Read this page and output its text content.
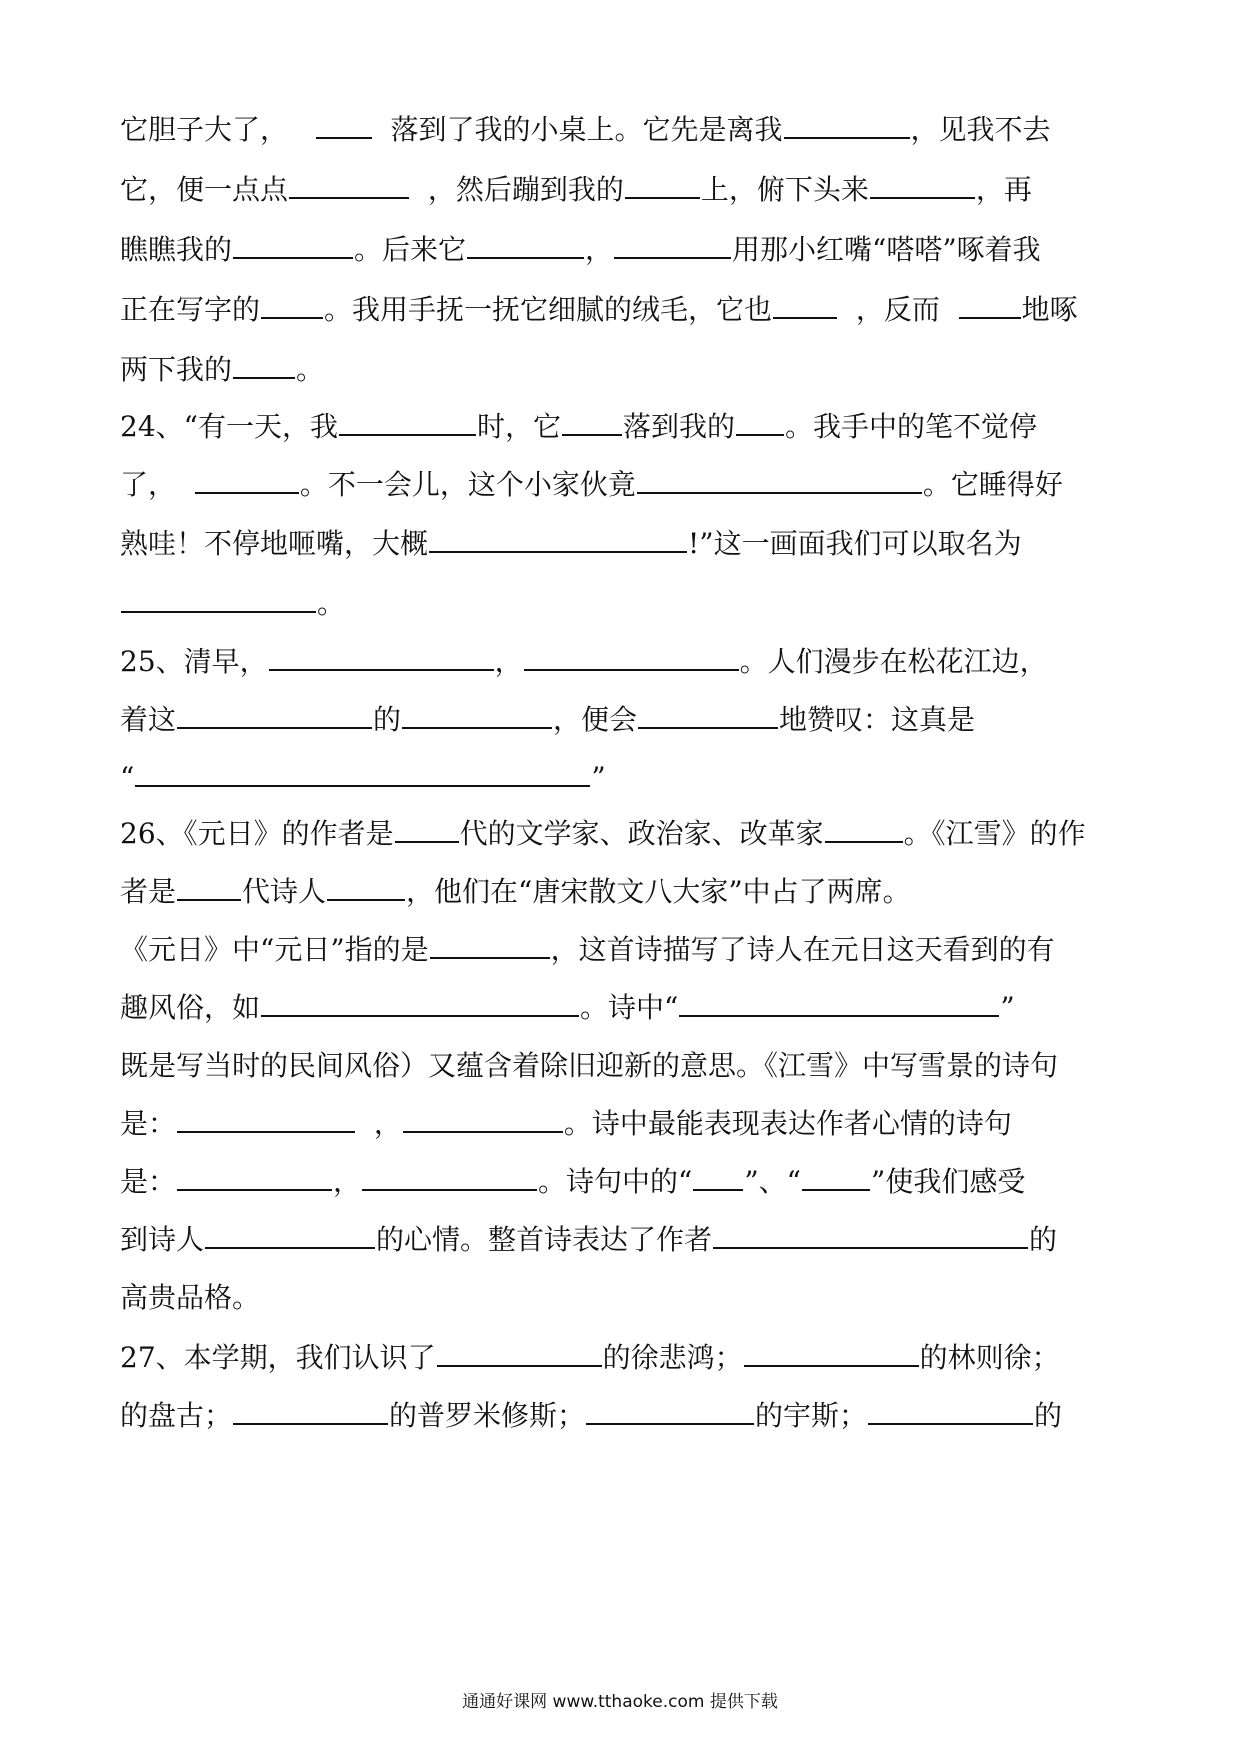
它胆子大了，	落到了我的小桌上。它先是离我	，见我不去
它，便一点点	，然后蹦到我的	上，俯下头来	，再
瞧瞧我的	。后来它	，	用那小红嘴“嗒嗒”啄着我
正在写字的 。我用手抚一抚它细腻的绒毛，它也  ，反而  地啄
两下我的 。
24、“有一天，我	时，它 落到我的 。我手中的笔不觉停
了，	。不一会儿，这个小家伙竟	。它睡得好
熟哇！不停地咂嘴，大概	!”这一画面我们可以取名为
。
25、清早，	，	。人们漫步在松花江边，
着这	的	，便会	地赞叹：这真是
“	”
26、《元日》的作者是 代的文学家、政治家、改革家	。《江雪》的作
者是 代诗人	，他们在“唐宋散文八大家”中占了两席。
《元日》中“元日”指的是	，这首诗描写了诗人在元日这天看到的有
趣风俗，如	。诗中“	”
既是写当时的民间风俗）又蕴含着除旧迎新的意思。《江雪》中写雪景的诗句
是：	，	。诗中最能表现表达作者心情的诗句
是：	，	。诗句中的“ ”、“	”使我们感受
到诗人	的心情。整首诗表达了作者	的
高贵品格。
27、本学期，我们认识了	的徐悲鸿；	的林则徐；
的盘古；	的普罗米修斯；	的宇斯；	的
通通好课网 www.tthaoke.com 提供下载
